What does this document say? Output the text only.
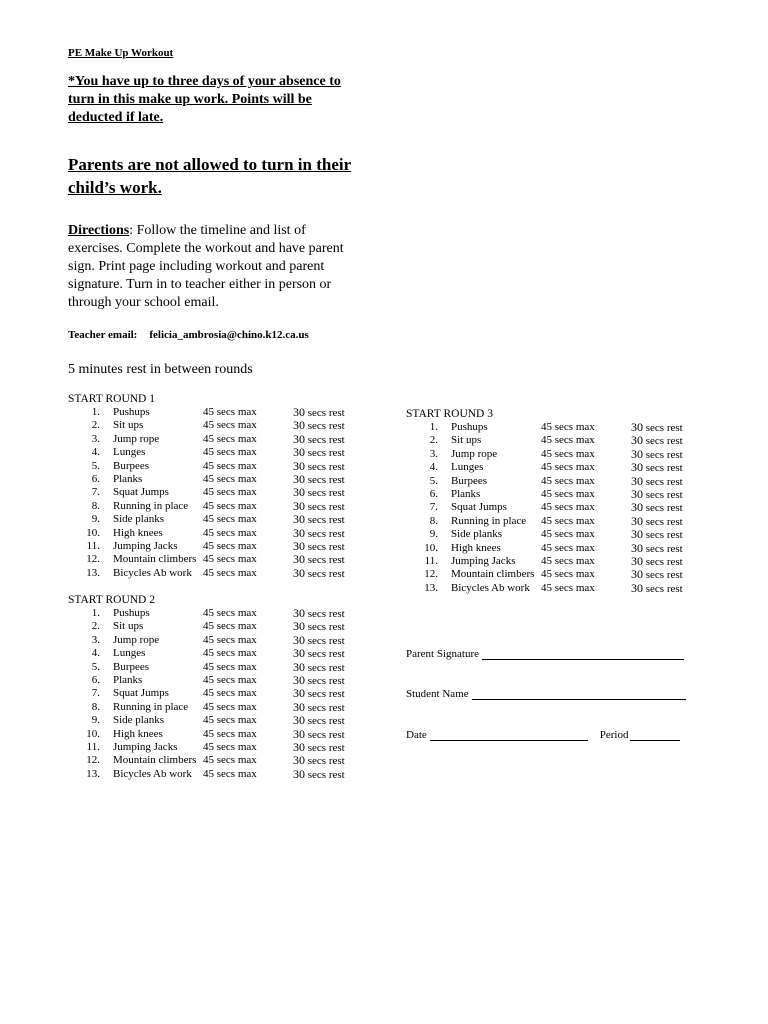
PE Make Up Workout
*You have up to three days of your absence to turn in this make up work. Points will be deducted if late.
Parents are not allowed to turn in their child’s work.
Directions: Follow the timeline and list of exercises. Complete the workout and have parent sign. Print page including workout and parent signature. Turn in to teacher either in person or through your school email.
Teacher email: felicia_ambrosia@chino.k12.ca.us
5 minutes rest in between rounds
START ROUND 1
1. Pushups	45 secs max	30 secs rest
2. Sit ups	45 secs max	30 secs rest
3. Jump rope	45 secs max	30 secs rest
4. Lunges	45 secs max	30 secs rest
5. Burpees	45 secs max	30 secs rest
6. Planks	45 secs max	30 secs rest
7. Squat Jumps	45 secs max	30 secs rest
8. Running in place 45 secs max	30 secs rest
9. Side planks	45 secs max	30 secs rest
10. High knees	45 secs max	30 secs rest
11. Jumping Jacks 45 secs max	30 secs rest
12. Mountain climbers 45 secs max	30 secs rest
13. Bicycles Ab work 45 secs max	30 secs rest
START ROUND 2
1. Pushups	45 secs max	30 secs rest
2. Sit ups	45 secs max	30 secs rest
3. Jump rope	45 secs max	30 secs rest
4. Lunges	45 secs max	30 secs rest
5. Burpees	45 secs max	30 secs rest
6. Planks	45 secs max	30 secs rest
7. Squat Jumps	45 secs max	30 secs rest
8. Running in place 45 secs max	30 secs rest
9. Side planks	45 secs max	30 secs rest
10. High knees	45 secs max	30 secs rest
11. Jumping Jacks 45 secs max	30 secs rest
12. Mountain climbers 45 secs max	30 secs rest
13. Bicycles Ab work 45 secs max	30 secs rest
START ROUND 3
1. Pushups	45 secs max	30 secs rest
2. Sit ups	45 secs max	30 secs rest
3. Jump rope	45 secs max	30 secs rest
4. Lunges	45 secs max	30 secs rest
5. Burpees	45 secs max	30 secs rest
6. Planks	45 secs max	30 secs rest
7. Squat Jumps	45 secs max	30 secs rest
8. Running in place 45 secs max	30 secs rest
9. Side planks	45 secs max	30 secs rest
10. High knees	45 secs max	30 secs rest
11. Jumping Jacks 45 secs max	30 secs rest
12. Mountain climbers 45 secs max	30 secs rest
13. Bicycles Ab work 45 secs max	30 secs rest
Parent Signature
Student Name
Date	Period
